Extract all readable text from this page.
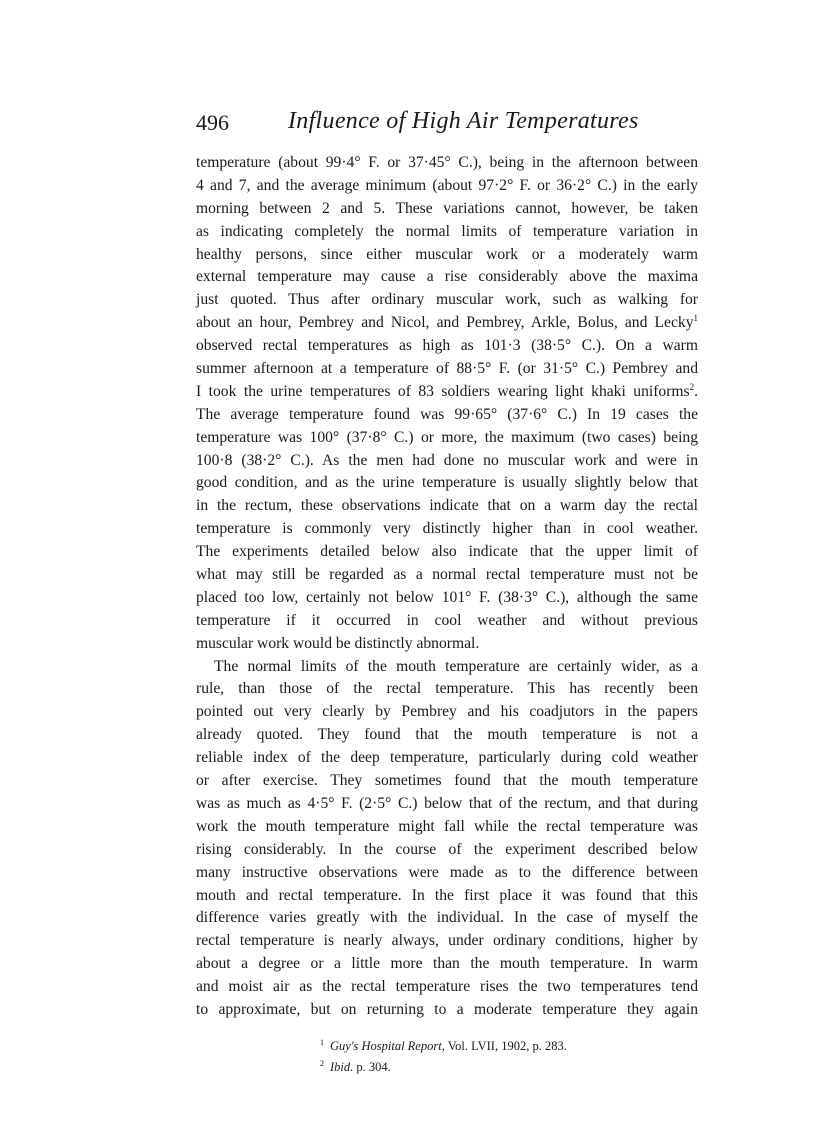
496 Influence of High Air Temperatures
temperature (about 99·4° F. or 37·45° C.), being in the afternoon between
4 and 7, and the average minimum (about 97·2° F. or 36·2° C.) in the early
morning between 2 and 5. These variations cannot, however, be taken
as indicating completely the normal limits of temperature variation in
healthy persons, since either muscular work or a moderately warm
external temperature may cause a rise considerably above the maxima
just quoted. Thus after ordinary muscular work, such as walking for
about an hour, Pembrey and Nicol, and Pembrey, Arkle, Bolus, and Lecky$^1$
observed rectal temperatures as high as 101·3 (38·5° C.). On a warm
summer afternoon at a temperature of 88·5° F. (or 31·5° C.) Pembrey and
I took the urine temperatures of 83 soldiers wearing light khaki uniforms$^2$.
The average temperature found was 99·65° (37·6° C.) In 19 cases the
temperature was 100° (37·8° C.) or more, the maximum (two cases) being
100·8 (38·2° C.). As the men had done no muscular work and were in
good condition, and as the urine temperature is usually slightly below that
in the rectum, these observations indicate that on a warm day the rectal
temperature is commonly very distinctly higher than in cool weather.
The experiments detailed below also indicate that the upper limit of
what may still be regarded as a normal rectal temperature must not be
placed too low, certainly not below 101° F. (38·3° C.), although the same
temperature if it occurred in cool weather and without previous
muscular work would be distinctly abnormal.
The normal limits of the mouth temperature are certainly wider, as a
rule, than those of the rectal temperature. This has recently been
pointed out very clearly by Pembrey and his coadjutors in the papers
already quoted. They found that the mouth temperature is not a
reliable index of the deep temperature, particularly during cold weather
or after exercise. They sometimes found that the mouth temperature
was as much as 4·5° F. (2·5° C.) below that of the rectum, and that during
work the mouth temperature might fall while the rectal temperature was
rising considerably. In the course of the experiment described below
many instructive observations were made as to the difference between
mouth and rectal temperature. In the first place it was found that this
difference varies greatly with the individual. In the case of myself the
rectal temperature is nearly always, under ordinary conditions, higher by
about a degree or a little more than the mouth temperature. In warm
and moist air as the rectal temperature rises the two temperatures tend
to approximate, but on returning to a moderate temperature they again
$^1$ Guy's Hospital Report, Vol. LVII, 1902, p. 283.
$^2$ Ibid. p. 304.
